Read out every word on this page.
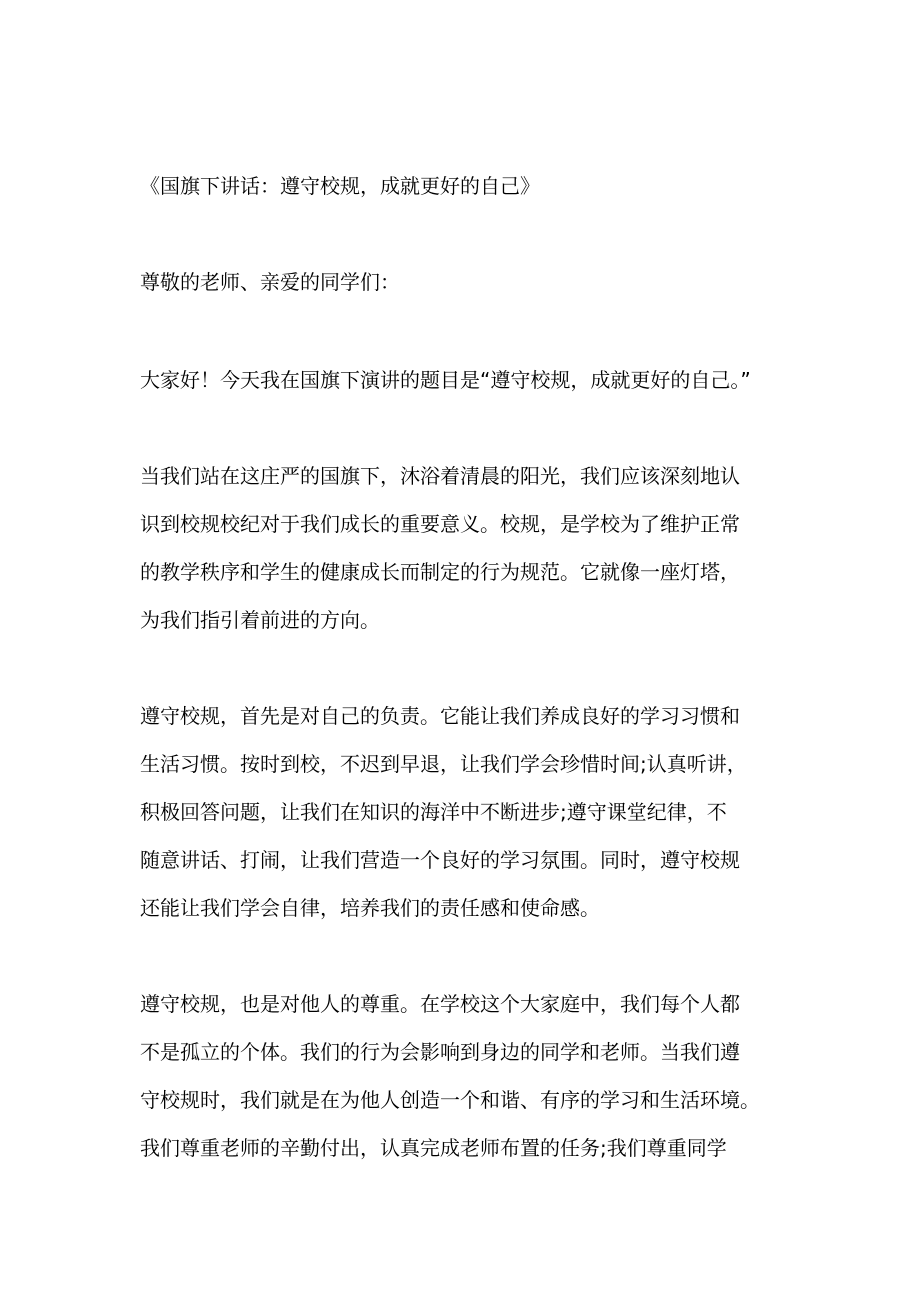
《国旗下讲话：遵守校规，成就更好的自己》
尊敬的老师、亲爱的同学们：
大家好！今天我在国旗下演讲的题目是“遵守校规，成就更好的自己。”
当我们站在这庄严的国旗下，沐浴着清晨的阳光，我们应该深刻地认
识到校规校纪对于我们成长的重要意义。校规，是学校为了维护正常
的教学秩序和学生的健康成长而制定的行为规范。它就像一座灯塔，
为我们指引着前进的方向。
遵守校规，首先是对自己的负责。它能让我们养成良好的学习习惯和
生活习惯。按时到校，不迟到早退，让我们学会珍惜时间;认真听讲，
积极回答问题，让我们在知识的海洋中不断进步;遵守课堂纪律，不
随意讲话、打闹，让我们营造一个良好的学习氛围。同时，遵守校规
还能让我们学会自律，培养我们的责任感和使命感。
遵守校规，也是对他人的尊重。在学校这个大家庭中，我们每个人都
不是孤立的个体。我们的行为会影响到身边的同学和老师。当我们遵
守校规时，我们就是在为他人创造一个和谐、有序的学习和生活环境。
我们尊重老师的辛勤付出，认真完成老师布置的任务;我们尊重同学
